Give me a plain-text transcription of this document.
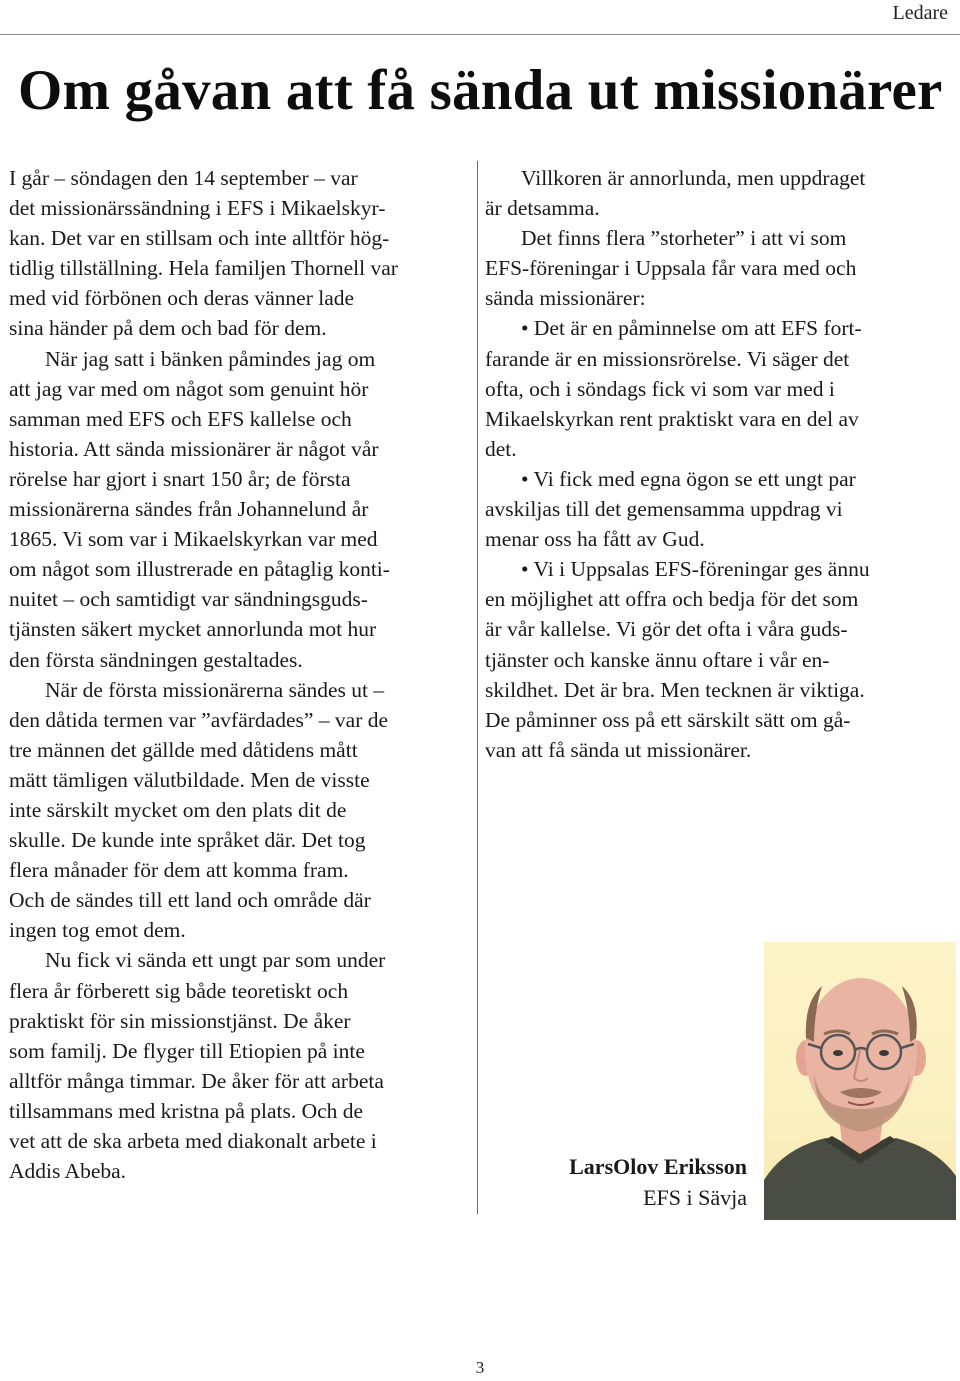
Ledare
Om gåvan att få sända ut missionärer

I går – söndagen den 14 september – var
det missionärssändning i EFS i Mikaelskyr-
kan. Det var en stillsam och inte alltför hög-
tidlig tillställning. Hela familjen Thornell var
med vid förbönen och deras vänner lade
sina händer på dem och bad för dem.

När jag satt i bänken påmindes jag om
att jag var med om något som genuint hör
samman med EFS och EFS kallelse och
historia. Att sända missionärer är något vår
rörelse har gjort i snart 150 år; de första
missionärerna sändes från Johannelund år
1865. Vi som var i Mikaelskyrkan var med
om något som illustrerade en påtaglig konti-
nuitet – och samtidigt var sändningsguds-
tjänsten säkert mycket annorlunda mot hur
den första sändningen gestaltades.

När de första missionärerna sändes ut –
den dåtida termen var ”avfärdades” – var de
tre männen det gällde med dåtidens mått
mätt tämligen välutbildade. Men de visste
inte särskilt mycket om den plats dit de
skulle. De kunde inte språket där. Det tog
flera månader för dem att komma fram.
Och de sändes till ett land och område där
ingen tog emot dem.

Nu fick vi sända ett ungt par som under
flera år förberett sig både teoretiskt och
praktiskt för sin missionstjänst. De åker
som familj. De flyger till Etiopien på inte
alltför många timmar. De åker för att arbeta
tillsammans med kristna på plats. Och de
vet att de ska arbeta med diakonalt arbete i
Addis Abeba.

Villkoren är annorlunda, men uppdraget
är detsamma.

Det finns flera ”storheter” i att vi som
EFS-föreningar i Uppsala får vara med och
sända missionärer:

• Det är en påminnelse om att EFS fort-
farande är en missionsrörelse. Vi säger det
ofta, och i söndags fick vi som var med i
Mikaelskyrkan rent praktiskt vara en del av
det.

• Vi fick med egna ögon se ett ungt par
avskiljas till det gemensamma uppdrag vi
menar oss ha fått av Gud.

• Vi i Uppsalas EFS-föreningar ges ännu
en möjlighet att offra och bedja för det som
är vår kallelse. Vi gör det ofta i våra guds-
tjänster och kanske ännu oftare i vår en-
skildhet. Det är bra. Men tecknen är viktiga.
De påminner oss på ett särskilt sätt om gå-
van att få sända ut missionärer.

LarsOlov Eriksson
EFS i Sävja
3
